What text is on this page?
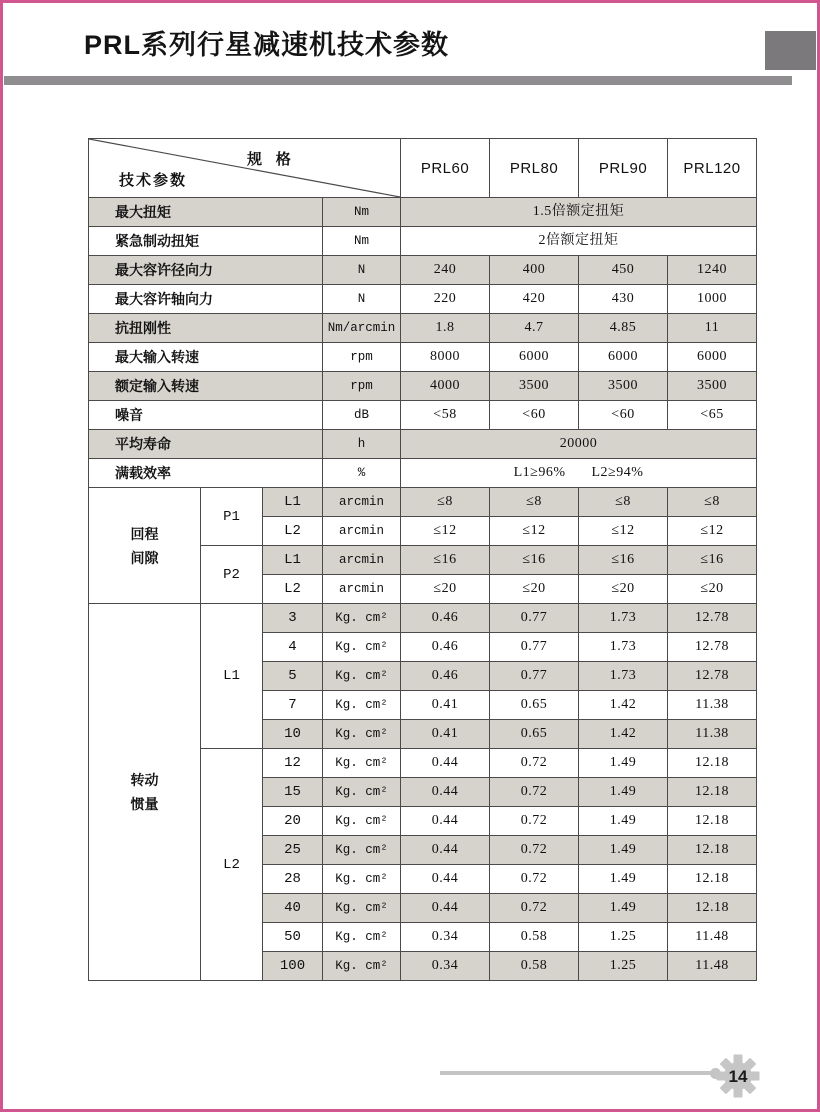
PRL系列行星减速机技术参数
规 格
技术参数				PRL60	PRL80	PRL90	PRL120
最大扭矩			Nm	1.5倍额定扭矩			
紧急制动扭矩			Nm	2倍额定扭矩			
最大容许径向力			N	240	400	450	1240
最大容许轴向力			N	220	420	430	1000
抗扭刚性			Nm/arcmin	1.8	4.7	4.85	11
最大输入转速			rpm	8000	6000	6000	6000
额定输入转速			rpm	4000	3500	3500	3500
噪音			dB	<58	<60	<60	<65
平均寿命			h	20000			
满载效率			%	L1≥96% L2≥94%			
回程间隙	P1	L1	arcmin	≤8	≤8	≤8	≤8
		L2	arcmin	≤12	≤12	≤12	≤12
	P2	L1	arcmin	≤16	≤16	≤16	≤16
		L2	arcmin	≤20	≤20	≤20	≤20
转动惯量	L1	3	Kg. cm²	0.46	0.77	1.73	12.78
		4	Kg. cm²	0.46	0.77	1.73	12.78
		5	Kg. cm²	0.46	0.77	1.73	12.78
		7	Kg. cm²	0.41	0.65	1.42	11.38
		10	Kg. cm²	0.41	0.65	1.42	11.38
	L2	12	Kg. cm²	0.44	0.72	1.49	12.18
		15	Kg. cm²	0.44	0.72	1.49	12.18
		20	Kg. cm²	0.44	0.72	1.49	12.18
		25	Kg. cm²	0.44	0.72	1.49	12.18
		28	Kg. cm²	0.44	0.72	1.49	12.18
		40	Kg. cm²	0.44	0.72	1.49	12.18
		50	Kg. cm²	0.34	0.58	1.25	11.48
		100	Kg. cm²	0.34	0.58	1.25	11.48
14
